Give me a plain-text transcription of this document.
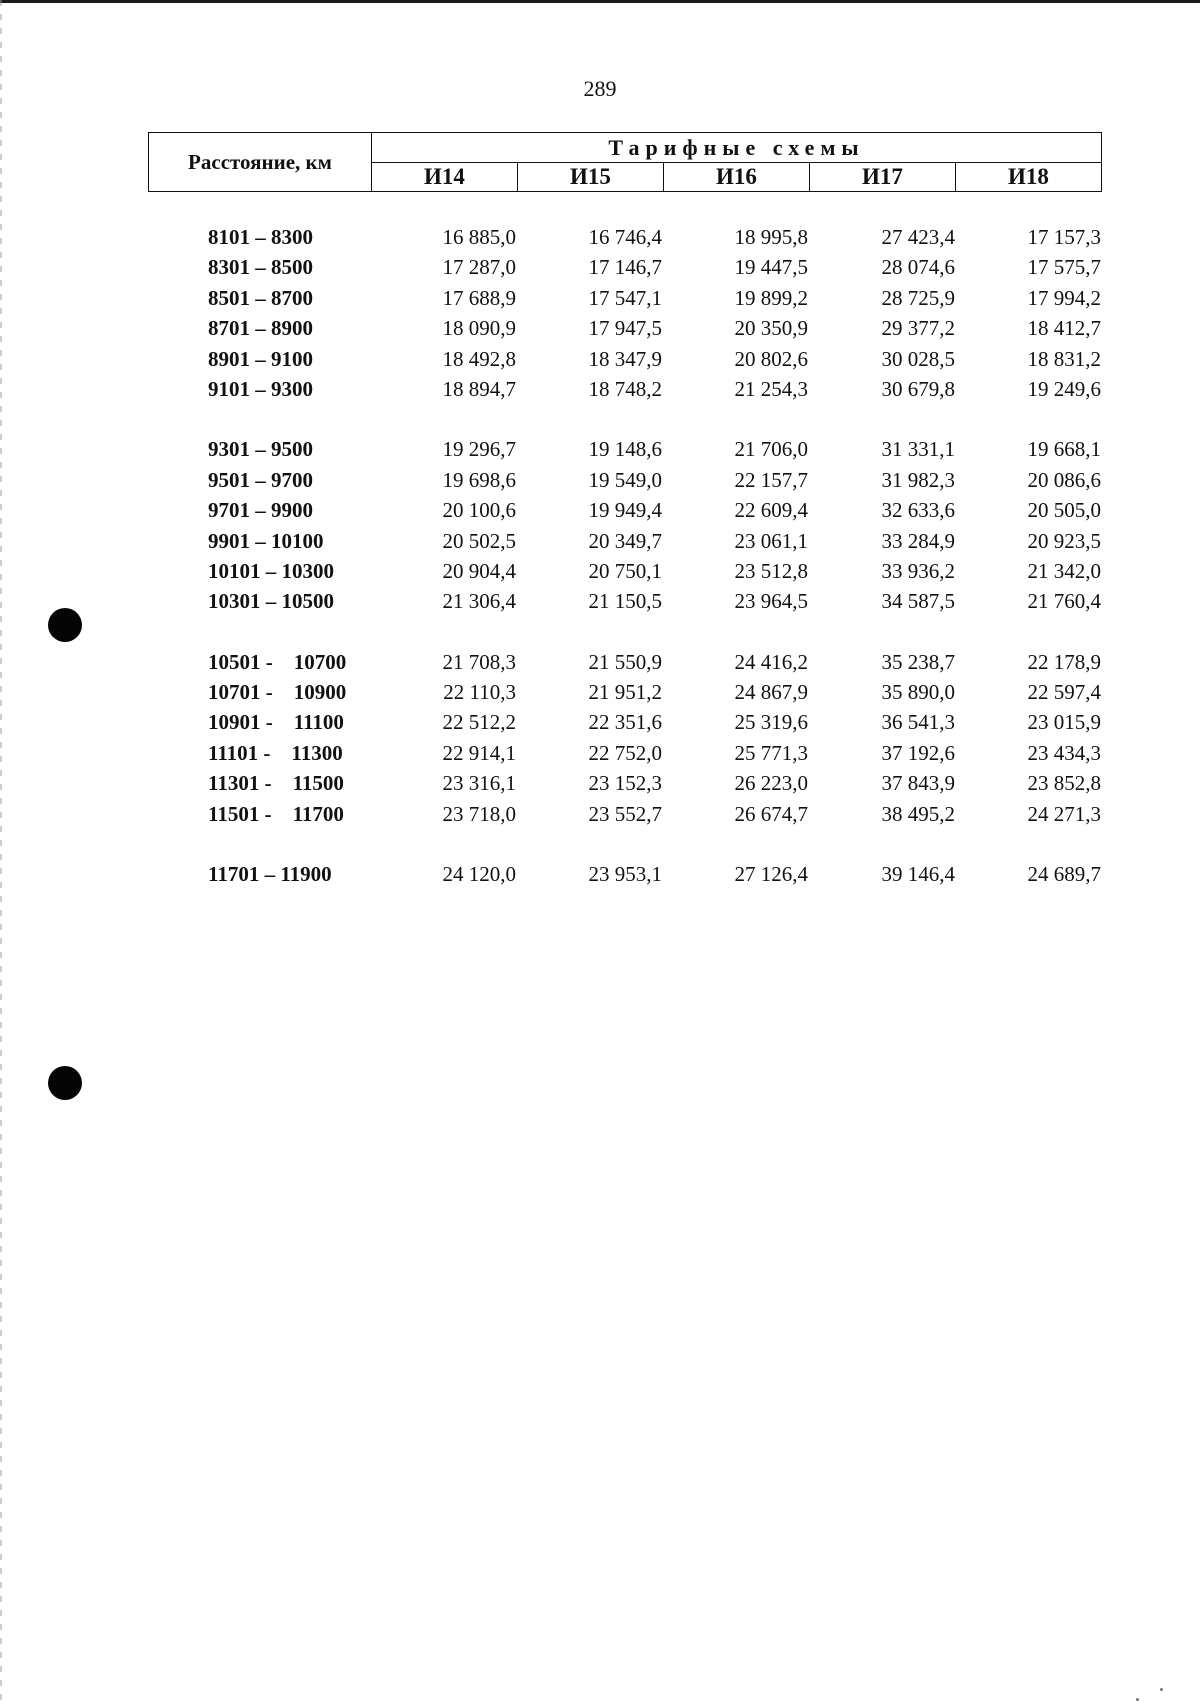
289
Расстояние, км	Тарифные схемы				
	И14	И15	И16	И17	И18
8101 – 8300	16 885,0	16 746,4	18 995,8	27 423,4	17 157,3
8301 – 8500	17 287,0	17 146,7	19 447,5	28 074,6	17 575,7
8501 – 8700	17 688,9	17 547,1	19 899,2	28 725,9	17 994,2
8701 – 8900	18 090,9	17 947,5	20 350,9	29 377,2	18 412,7
8901 – 9100	18 492,8	18 347,9	20 802,6	30 028,5	18 831,2
9101 – 9300	18 894,7	18 748,2	21 254,3	30 679,8	19 249,6
9301 – 9500	19 296,7	19 148,6	21 706,0	31 331,1	19 668,1
9501 – 9700	19 698,6	19 549,0	22 157,7	31 982,3	20 086,6
9701 – 9900	20 100,6	19 949,4	22 609,4	32 633,6	20 505,0
9901 – 10100	20 502,5	20 349,7	23 061,1	33 284,9	20 923,5
10101 – 10300	20 904,4	20 750,1	23 512,8	33 936,2	21 342,0
10301 – 10500	21 306,4	21 150,5	23 964,5	34 587,5	21 760,4
10501 -    10700	21 708,3	21 550,9	24 416,2	35 238,7	22 178,9
10701 -    10900	22 110,3	21 951,2	24 867,9	35 890,0	22 597,4
10901 -    11100	22 512,2	22 351,6	25 319,6	36 541,3	23 015,9
11101 -    11300	22 914,1	22 752,0	25 771,3	37 192,6	23 434,3
11301 -    11500	23 316,1	23 152,3	26 223,0	37 843,9	23 852,8
11501 -    11700	23 718,0	23 552,7	26 674,7	38 495,2	24 271,3
11701 – 11900	24 120,0	23 953,1	27 126,4	39 146,4	24 689,7
